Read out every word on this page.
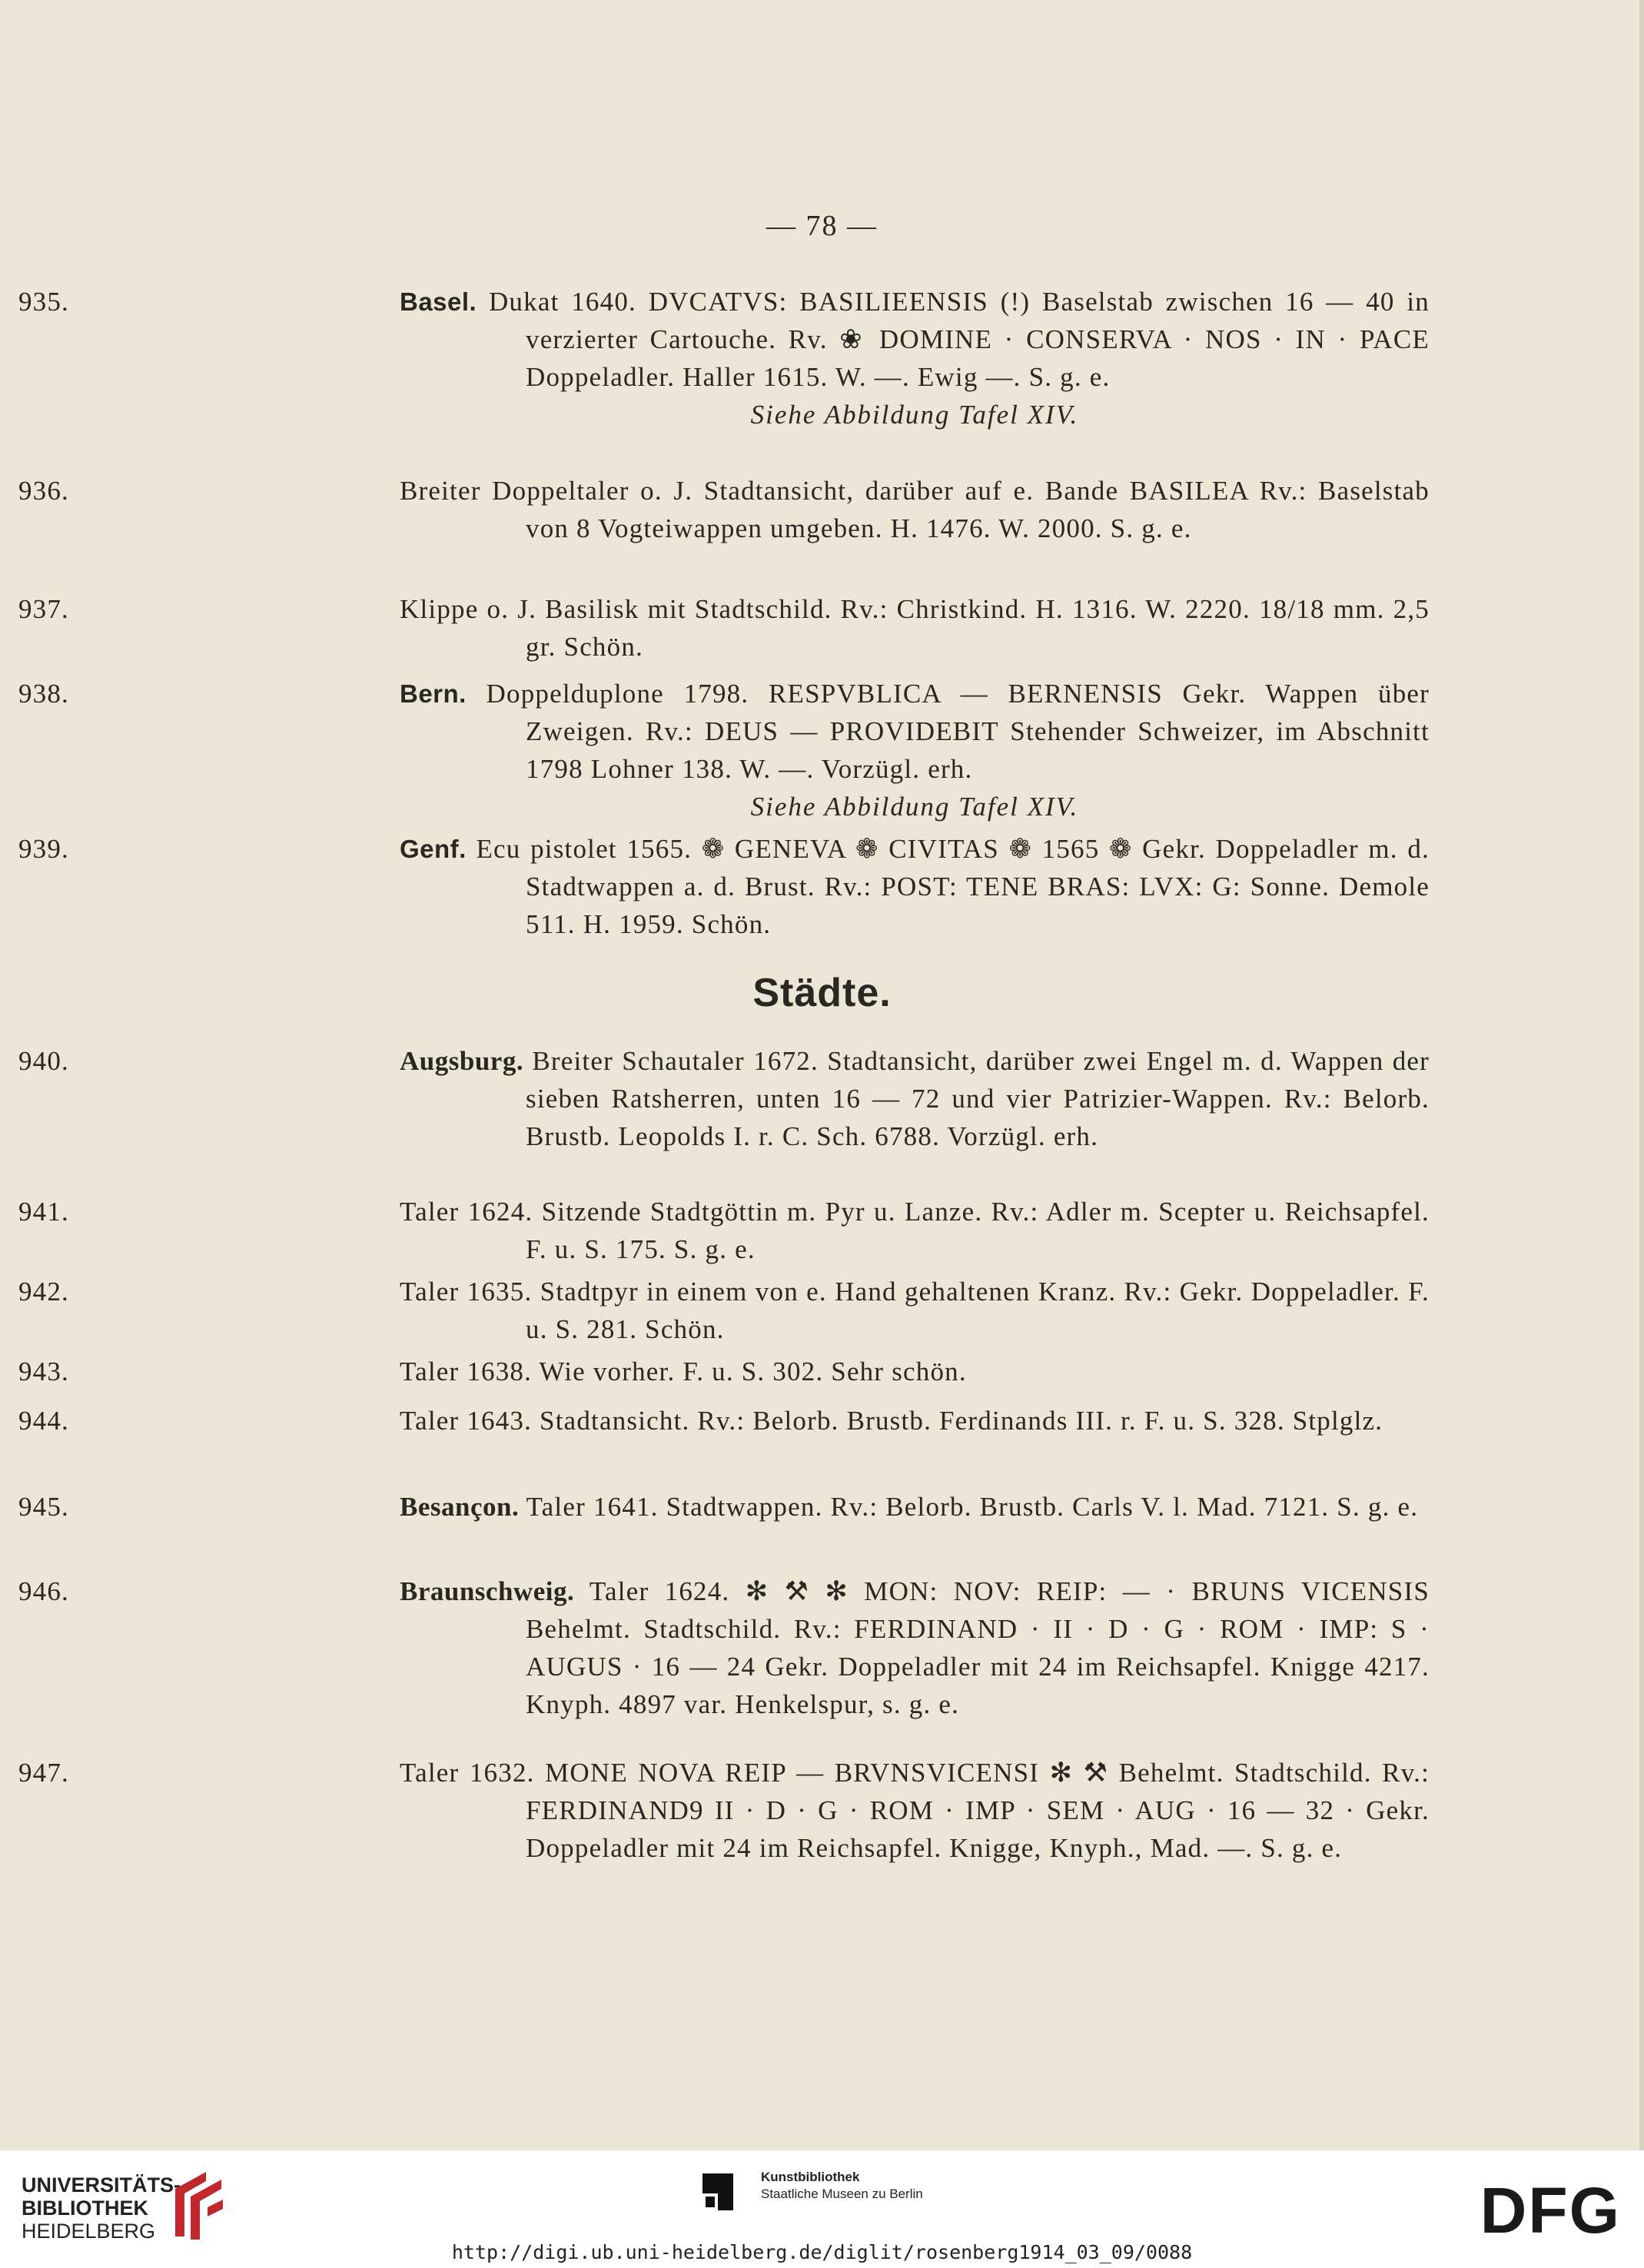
— 78 —
935.	Basel. Dukat 1640. DVCATVS: BASILIEENSIS (!) Baselstab zwischen 16 — 40 in verzierter Cartouche. Rv. ❀ DOMINE · CONSERVA · NOS · IN · PACE Doppeladler. Haller 1615. W. —. Ewig —. S. g. e.

Siehe Abbildung Tafel XIV.
936.	Breiter Doppeltaler o. J. Stadtansicht, darüber auf e. Bande BASILEA Rv.: Baselstab von 8 Vogteiwappen umgeben. H. 1476. W. 2000. S. g. e.

937.	Klippe o. J. Basilisk mit Stadtschild. Rv.: Christkind. H. 1316. W. 2220. 18/18 mm. 2,5 gr. Schön.

938.	Bern. Doppelduplone 1798. RESPVBLICA — BERNENSIS Gekr. Wappen über Zweigen. Rv.: DEUS — PROVIDEBIT Stehender Schweizer, im Abschnitt 1798 Lohner 138. W. —. Vorzügl. erh.

Siehe Abbildung Tafel XIV.
939.	Genf. Ecu pistolet 1565. ❁ GENEVA ❁ CIVITAS ❁ 1565 ❁ Gekr. Doppeladler m. d. Stadtwappen a. d. Brust. Rv.: POST: TENE BRAS: LVX: G: Sonne. Demole 511. H. 1959. Schön.

940.	Augsburg. Breiter Schautaler 1672. Stadtansicht, darüber zwei Engel m. d. Wappen der sieben Ratsherren, unten 16 — 72 und vier Patrizier-Wappen. Rv.: Belorb. Brustb. Leopolds I. r. C. Sch. 6788. Vorzügl. erh.

941.	Taler 1624. Sitzende Stadtgöttin m. Pyr u. Lanze. Rv.: Adler m. Scepter u. Reichsapfel. F. u. S. 175. S. g. e.

942.	Taler 1635. Stadtpyr in einem von e. Hand gehaltenen Kranz. Rv.: Gekr. Doppeladler. F. u. S. 281. Schön.

943.	Taler 1638. Wie vorher. F. u. S. 302. Sehr schön.

944.	Taler 1643. Stadtansicht. Rv.: Belorb. Brustb. Ferdinands III. r. F. u. S. 328. Stplglz.

945.	Besançon. Taler 1641. Stadtwappen. Rv.: Belorb. Brustb. Carls V. l. Mad. 7121. S. g. e.

946.	Braunschweig. Taler 1624. ✻ ⚒ ✻ MON: NOV: REIP: — · BRUNS VICENSIS Behelmt. Stadtschild. Rv.: FERDINAND · II · D · G · ROM · IMP: S · AUGUS · 16 — 24 Gekr. Doppeladler mit 24 im Reichsapfel. Knigge 4217. Knyph. 4897 var. Henkelspur, s. g. e.

947.	Taler 1632. MONE NOVA REIP — BRVNSVICENSI ✻ ⚒ Behelmt. Stadtschild. Rv.: FERDINAND9 II · D · G · ROM · IMP · SEM · AUG · 16 — 32 · Gekr. Doppeladler mit 24 im Reichsapfel. Knigge, Knyph., Mad. —. S. g. e.

Städte.
UNIVERSITÄTS-
BIBLIOTHEK
HEIDELBERG
Kunstbibliothek
Staatliche Museen zu Berlin	DFG
http://digi.ub.uni-heidelberg.de/diglit/rosenberg1914_03_09/0088
